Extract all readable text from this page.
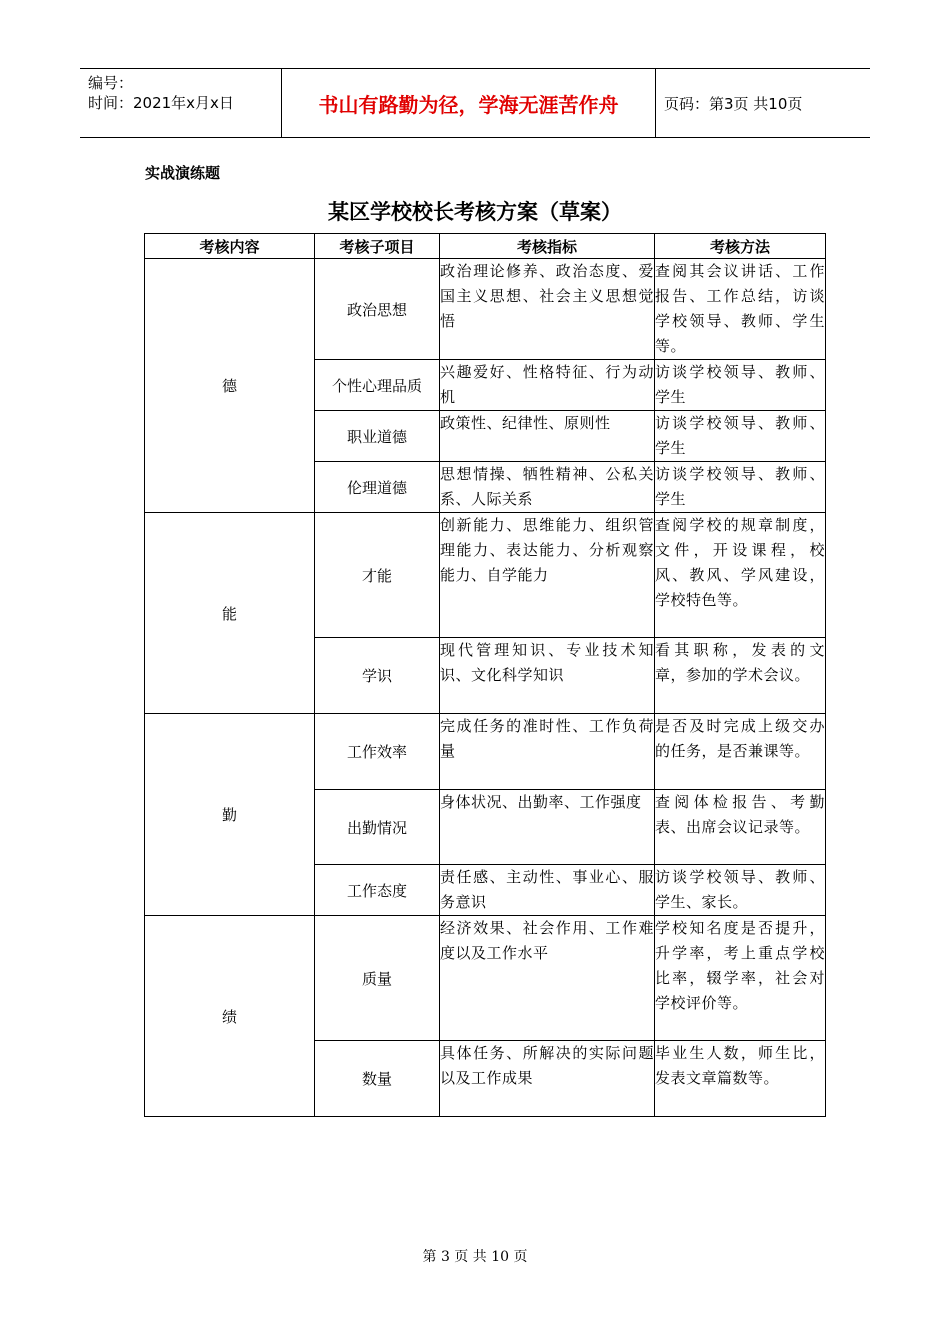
编号：
时间：2021年x月x日	书山有路勤为径，学海无涯苦作舟	页码：第3页 共10页
实战演练题
某区学校校长考核方案（草案）
考核内容	考核子项目	考核指标	考核方法
德	政治思想	政治理论修养、政治态度、爱国主义思想、社会主义思想觉悟	查阅其会议讲话、工作报告、工作总结，访谈学校领导、教师、学生等。
	个性心理品质	兴趣爱好、性格特征、行为动机	访谈学校领导、教师、学生
	职业道德	政策性、纪律性、原则性	访谈学校领导、教师、学生
	伦理道德	思想情操、牺牲精神、公私关系、人际关系	访谈学校领导、教师、学生
能	才能	创新能力、思维能力、组织管理能力、表达能力、分析观察能力、自学能力	查阅学校的规章制度，文件，开设课程，校风、教风、学风建设，学校特色等。
	学识	现代管理知识、专业技术知识、文化科学知识	看其职称，发表的文章，参加的学术会议。
勤	工作效率	完成任务的准时性、工作负荷量	是否及时完成上级交办的任务，是否兼课等。
	出勤情况	身体状况、出勤率、工作强度	查阅体检报告、考勤表、出席会议记录等。
	工作态度	责任感、主动性、事业心、服务意识	访谈学校领导、教师、学生、家长。
绩	质量	经济效果、社会作用、工作难度以及工作水平	学校知名度是否提升，升学率，考上重点学校比率，辍学率，社会对学校评价等。
	数量	具体任务、所解决的实际问题以及工作成果	毕业生人数，师生比，发表文章篇数等。
第 3 页 共 10 页
